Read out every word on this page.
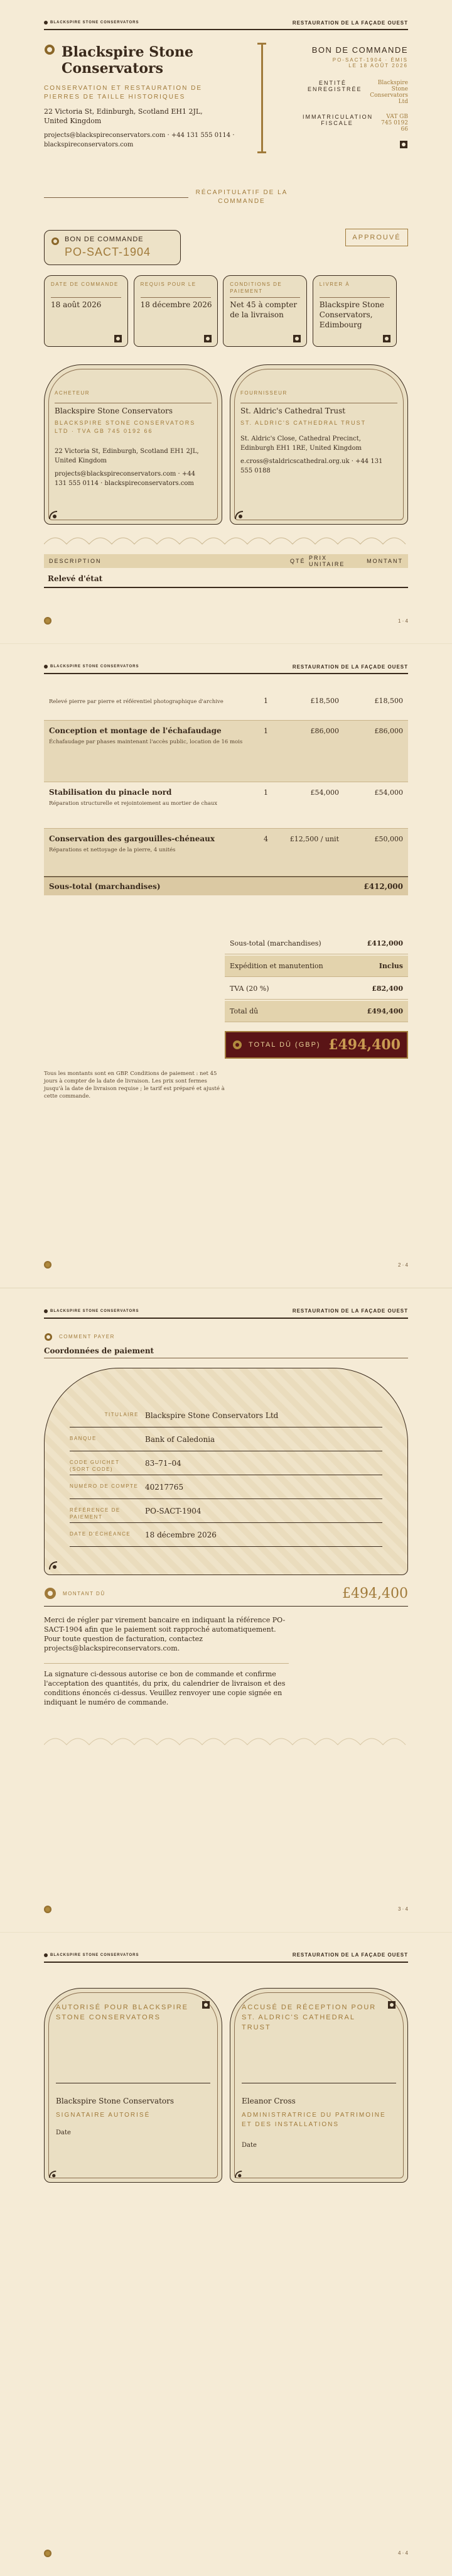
BLACKSPIRE STONE CONSERVATORS	RESTAURATION DE LA FAÇADE OUEST
Blackspire Stone
Conservators
CONSERVATION ET RESTAURATION DE PIERRES DE TAILLE HISTORIQUES
22 Victoria St, Edinburgh, Scotland EH1 2JL,
United Kingdom
projects@blackspireconservators.com · +44 131 555 0114 ·
blackspireconservators.com
BON DE COMMANDE
PO-SACT-1904 · ÉMIS LE 18 AOÛT 2026
ENTITÉ ENREGISTRÉE
Blackspire Stone Conservators Ltd
IMMATRICULATION FISCALE
VAT GB 745 0192 66
RÉCAPITULATIF DE LA COMMANDE
BON DE COMMANDE
PO-SACT-1904
APPROUVÉ
DATE DE COMMANDE
18 août 2026
REQUIS POUR LE
18 décembre 2026
CONDITIONS DE PAIEMENT
Net 45 à compter de la livraison
LIVRER À
Blackspire Stone Conservators, Edimbourg
ACHETEUR
Blackspire Stone Conservators
BLACKSPIRE STONE CONSERVATORS LTD · TVA GB 745 0192 66
22 Victoria St, Edinburgh, Scotland EH1 2JL, United Kingdom
projects@blackspireconservators.com · +44 131 555 0114 · blackspireconservators.com
FOURNISSEUR
St. Aldric's Cathedral Trust
ST. ALDRIC'S CATHEDRAL TRUST
St. Aldric's Close, Cathedral Precinct, Edinburgh EH1 1RE, United Kingdom
e.cross@staldricscathedral.org.uk · +44 131 555 0188
DESCRIPTION	QTÉ PRIX UNITAIRE	MONTANT
Relevé d'état
1 · 4
BLACKSPIRE STONE CONSERVATORS	RESTAURATION DE LA FAÇADE OUEST
Relevé pierre par pierre et référentiel photographique d'archive	1	£18,500	£18,500
Conception et montage de l'échafaudage
Échafaudage par phases maintenant l'accès public, location de 16 mois
1	£86,000	£86,000
Stabilisation du pinacle nord
Réparation structurelle et rejointoiement au mortier de chaux
1	£54,000	£54,000
Conservation des gargouilles-chéneaux
Réparations et nettoyage de la pierre, 4 unités
4	£12,500 / unit	£50,000
Sous-total (marchandises)	£412,000
Sous-total (marchandises)	£412,000
Expédition et manutention	Inclus
TVA (20 %)	£82,400
Total dû	£494,400
TOTAL DÛ (GBP) £494,400
Tous les montants sont en GBP. Conditions de paiement : net 45 jours à compter de la date de livraison. Les prix sont fermes jusqu'à la date de livraison requise ; le tarif est préparé et ajusté à cette commande.
2 · 4
BLACKSPIRE STONE CONSERVATORS	RESTAURATION DE LA FAÇADE OUEST
COMMENT PAYER
Coordonnées de paiement
TITULAIRE Blackspire Stone Conservators Ltd
BANQUE	Bank of Caledonia
CODE GUICHET (SORT CODE)
83–71–04
NUMÉRO DE COMPTE 40217765
RÉFÉRENCE DE PAIEMENT
PO-SACT-1904
DATE D'ÉCHÉANCE	18 décembre 2026
MONTANT DÛ	£494,400
Merci de régler par virement bancaire en indiquant la référence PO-SACT-1904 afin que le paiement soit rapproché automatiquement. Pour toute question de facturation, contactez projects@blackspireconservators.com.
La signature ci-dessous autorise ce bon de commande et confirme l'acceptation des quantités, du prix, du calendrier de livraison et des conditions énoncés ci-dessus. Veuillez renvoyer une copie signée en indiquant le numéro de commande.
3 · 4
BLACKSPIRE STONE CONSERVATORS	RESTAURATION DE LA FAÇADE OUEST
AUTORISÉ POUR BLACKSPIRE STONE CONSERVATORS
Blackspire Stone Conservators
SIGNATAIRE AUTORISÉ
Date
ACCUSÉ DE RÉCEPTION POUR ST. ALDRIC'S CATHEDRAL TRUST
Eleanor Cross
ADMINISTRATRICE DU PATRIMOINE ET DES INSTALLATIONS
Date
4 · 4
